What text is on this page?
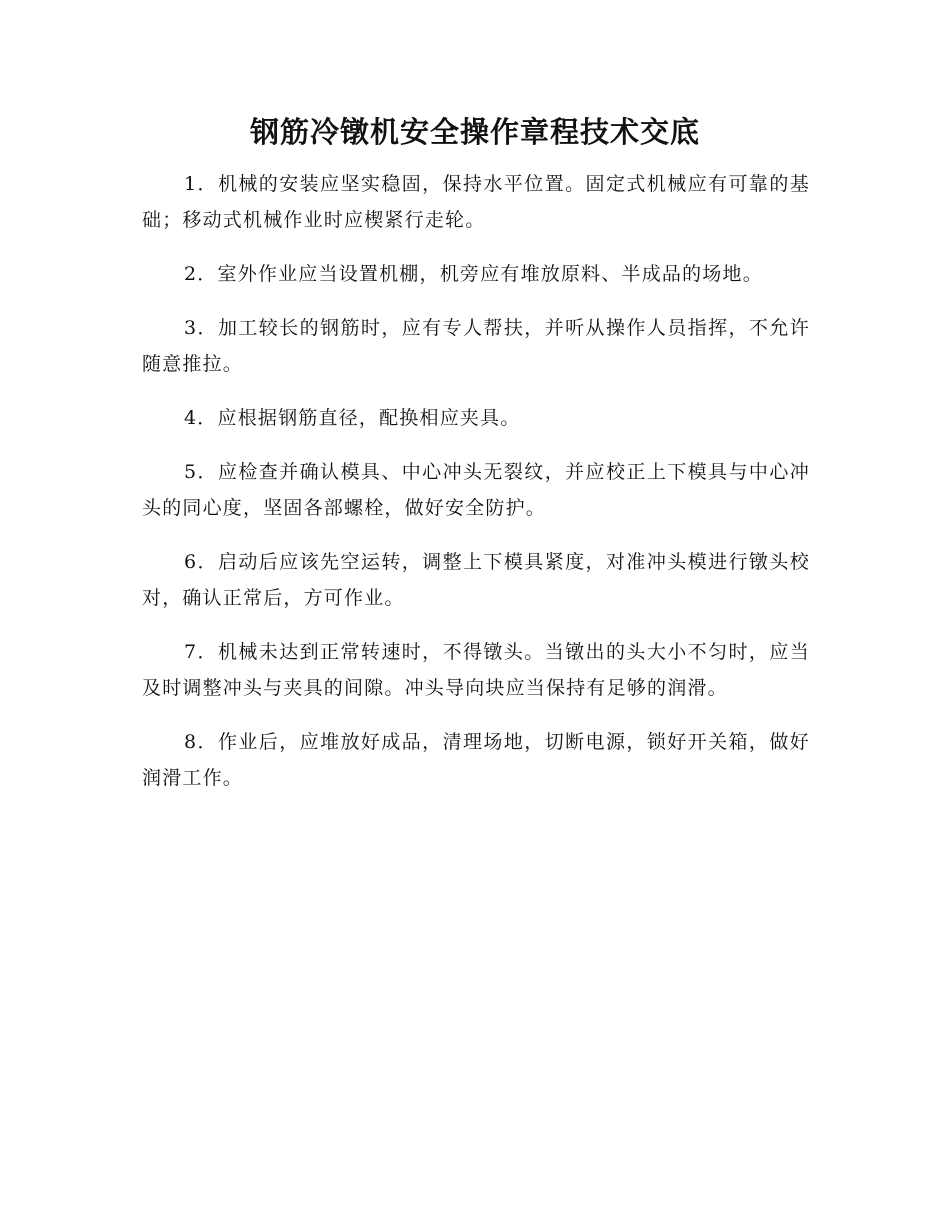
钢筋冷镦机安全操作章程技术交底

1．机械的安装应坚实稳固，保持水平位置。固定式机械应有可靠的基础；移动式机械作业时应楔紧行走轮。

2．室外作业应当设置机棚，机旁应有堆放原料、半成品的场地。

3．加工较长的钢筋时，应有专人帮扶，并听从操作人员指挥，不允许随意推拉。

4．应根据钢筋直径，配换相应夹具。

5．应检查并确认模具、中心冲头无裂纹，并应校正上下模具与中心冲头的同心度，坚固各部螺栓，做好安全防护。

6．启动后应该先空运转，调整上下模具紧度，对准冲头模进行镦头校对，确认正常后，方可作业。

7．机械未达到正常转速时，不得镦头。当镦出的头大小不匀时，应当及时调整冲头与夹具的间隙。冲头导向块应当保持有足够的润滑。

8．作业后，应堆放好成品，清理场地，切断电源，锁好开关箱，做好润滑工作。
